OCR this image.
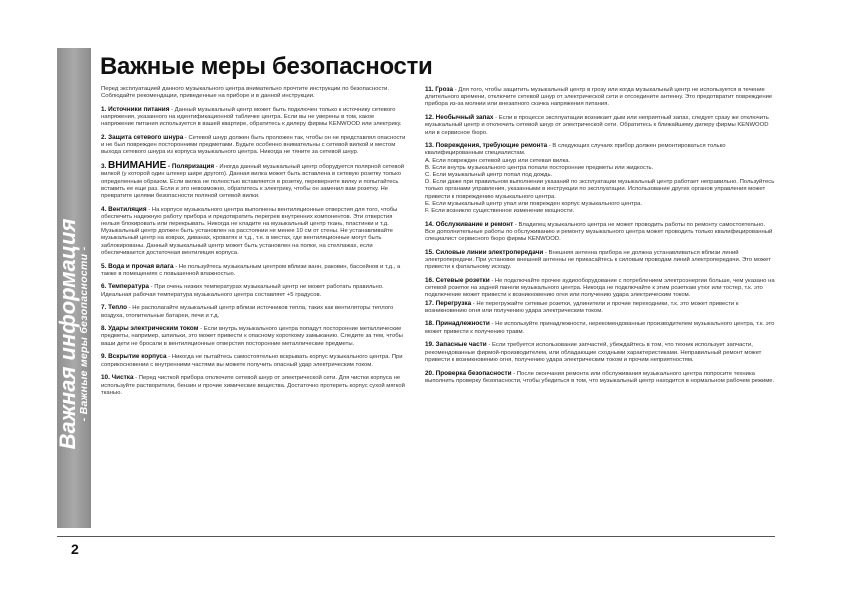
Важная информация
- Важные меры безопасности -
Важные меры безопасности

Перед эксплуатацией данного музыкального центра внимательно прочтите инструкции по безопасности. Соблюдайте рекомендации, приведенные на приборе и в данной инструкции.

1. Источники питания - Данный музыкальный центр может быть подключен только к источнику сетевого напряжения, указанного на идентификационной табличке центра. Если вы не уверены в том, какое напряжение питания используется в вашей квартире, обратитесь к дилеру фирмы KENWOOD или электрику.

2. Защита сетевого шнура - Сетевой шнур должен быть проложен так, чтобы он не представлял опасности и не был поврежден посторонними предметами. Будьте особенно внимательны с сетевой вилкой и местом выхода сетевого шнура из корпуса музыкального центра. Никогда не тяните за сетевой шнур.

3. ВНИМАНИЕ - Поляризация - Иногда данный музыкальный центр оборудуется полярной сетевой вилкой (у которой один штекер шире другого). Данная вилка может быть вставлена в сетевую розетку только определенным образом. Если вилка не полностью вставляется в розетку, переверните вилку и попытайтесь вставить ее еще раз. Если и это невозможно, обратитесь к электрику, чтобы он заменил вам розетку. Не превратите целями безопасности поляной сетевой вилки.

4. Вентиляция - На корпусе музыкального центра выполнены вентиляционные отверстия для того, чтобы обеспечить надежную работу прибора и предотвратить перегрев внутренних компонентов. Эти отверстия нельзя блокировать или перекрывать. Никогда не кладите на музыкальный центр ткань, пластинки и т.д. Музыкальный центр должен быть установлен на расстоянии не менее 10 см от стены. Не устанавливайте музыкальный центр на коврах, диванах, кроватях и т.д., т.е. в местах, где вентиляционные могут быть заблокированы. Данный музыкальный центр может быть установлен на полке, на стеллажах, если обеспечивается достаточная вентиляция корпуса.

5. Вода и прочая влага - Не пользуйтесь музыкальным центром вблизи ванн, раковин, бассейнов и т.д., а также в помещениях с повышенной влажностью.

6. Температура - При очень низких температурах музыкальный центр не может работать правильно. Идеальная рабочая температура музыкального центра составляет +5 градусов.

7. Тепло - Не располагайте музыкальный центр вблизи источников тепла, таких как вентиляторы теплого воздуха, отопительные батареи, печи и т.д.

8. Удары электрическим током - Если внутрь музыкального центра попадут посторонние металлические предметы, например, шпильки, это может привести к опасному короткому замыканию. Следите за тем, чтобы ваши дети не бросали в вентиляционные отверстия посторонние металлические предметы.

9. Вскрытие корпуса - Никогда не пытайтесь самостоятельно вскрывать корпус музыкального центра. При соприкосновении с внутренними частями вы можете получить опасный удар электрическим током.

10. Чистка - Перед чисткой прибора отключите сетевой шнур от электрической сети. Для чистки корпуса не используйте растворители, бензин и прочие химические вещества. Достаточно протереть корпус сухой мягкой тканью.

11. Гроза - Для того, чтобы защитить музыкальный центр в грозу или когда музыкальный центр не используется в течение длительного времени, отключите сетевой шнур от электрической сети и отсоедините антенну. Это предотвратит повреждение прибора из-за молнии или внезапного скачка напряжения питания.

12. Необычный запах - Если в процессе эксплуатации возникает дым или неприятный запах, следует сразу же отключить музыкальный центр и отключить сетевой шнур от электрической сети. Обратитесь к ближайшему дилеру фирмы KENWOOD или в сервисное бюро.

13. Повреждения, требующие ремонта - В следующих случаях прибор должен ремонтироваться только квалифицированным специалистам.

A. Если поврежден сетевой шнур или сетевая вилка.

B. Если внутрь музыкального центра попали посторонние предметы или жидкость.

C. Если музыкальный центр попал под дождь.

D. Если даже при правильном выполнении указаний по эксплуатации музыкальный центр работает неправильно. Пользуйтесь только органами управления, указанными в инструкции по эксплуатации. Использование других органов управления может привести к повреждению музыкального центра.

E. Если музыкальный центр упал или поврежден корпус музыкального центра.

F. Если возникло существенное изменение мощности.

14. Обслуживание и ремонт - Владелец музыкального центра не может проводить работы по ремонту самостоятельно. Все дополнительные работы по обслуживанию и ремонту музыкального центра может проводить только квалифицированный специалист сервисного бюро фирмы KENWOOD.

15. Силовые линии электропередачи - Внешняя антенна прибора не должна устанавливаться вблизи линий электропередачи. При установке внешней антенны не прикасайтесь к силовым проводам линий электропередачи. Это может привести к фатальному исходу.

16. Сетевые розетки - Не подключайте прочее аудиооборудование с потреблением электроэнергии больше, чем указано на сетевой розетке на задней панели музыкального центра. Никогда не подключайте к этим розеткам утюг или тостер, т.к. это подключение может привести к возникновению огня или получению удара электрическим током.

17. Перегрузка - Не перегружайте сетевые розетки, удлинители и прочие переходники, т.к. это может привести к возникновению огня или получению удара электрическим током.

18. Принадлежности - Не используйте принадлежности, нерекомендованные производителем музыкального центра, т.к. это может привести к получению травм.

19. Запасные части - Если требуется использование запчастей, убеждайтесь в том, что техник использует запчасти, рекомендованные фирмой-производителем, или обладающие сходными характеристиками. Неправильный ремонт может привести к возникновению огня, получению удара электрическим током и прочим неприятностям.

20. Проверка безопасности - После окончания ремонта или обслуживания музыкального центра попросите техника выполнить проверку безопасности, чтобы убедиться в том, что музыкальный центр находится в нормальном рабочем режиме.

2
